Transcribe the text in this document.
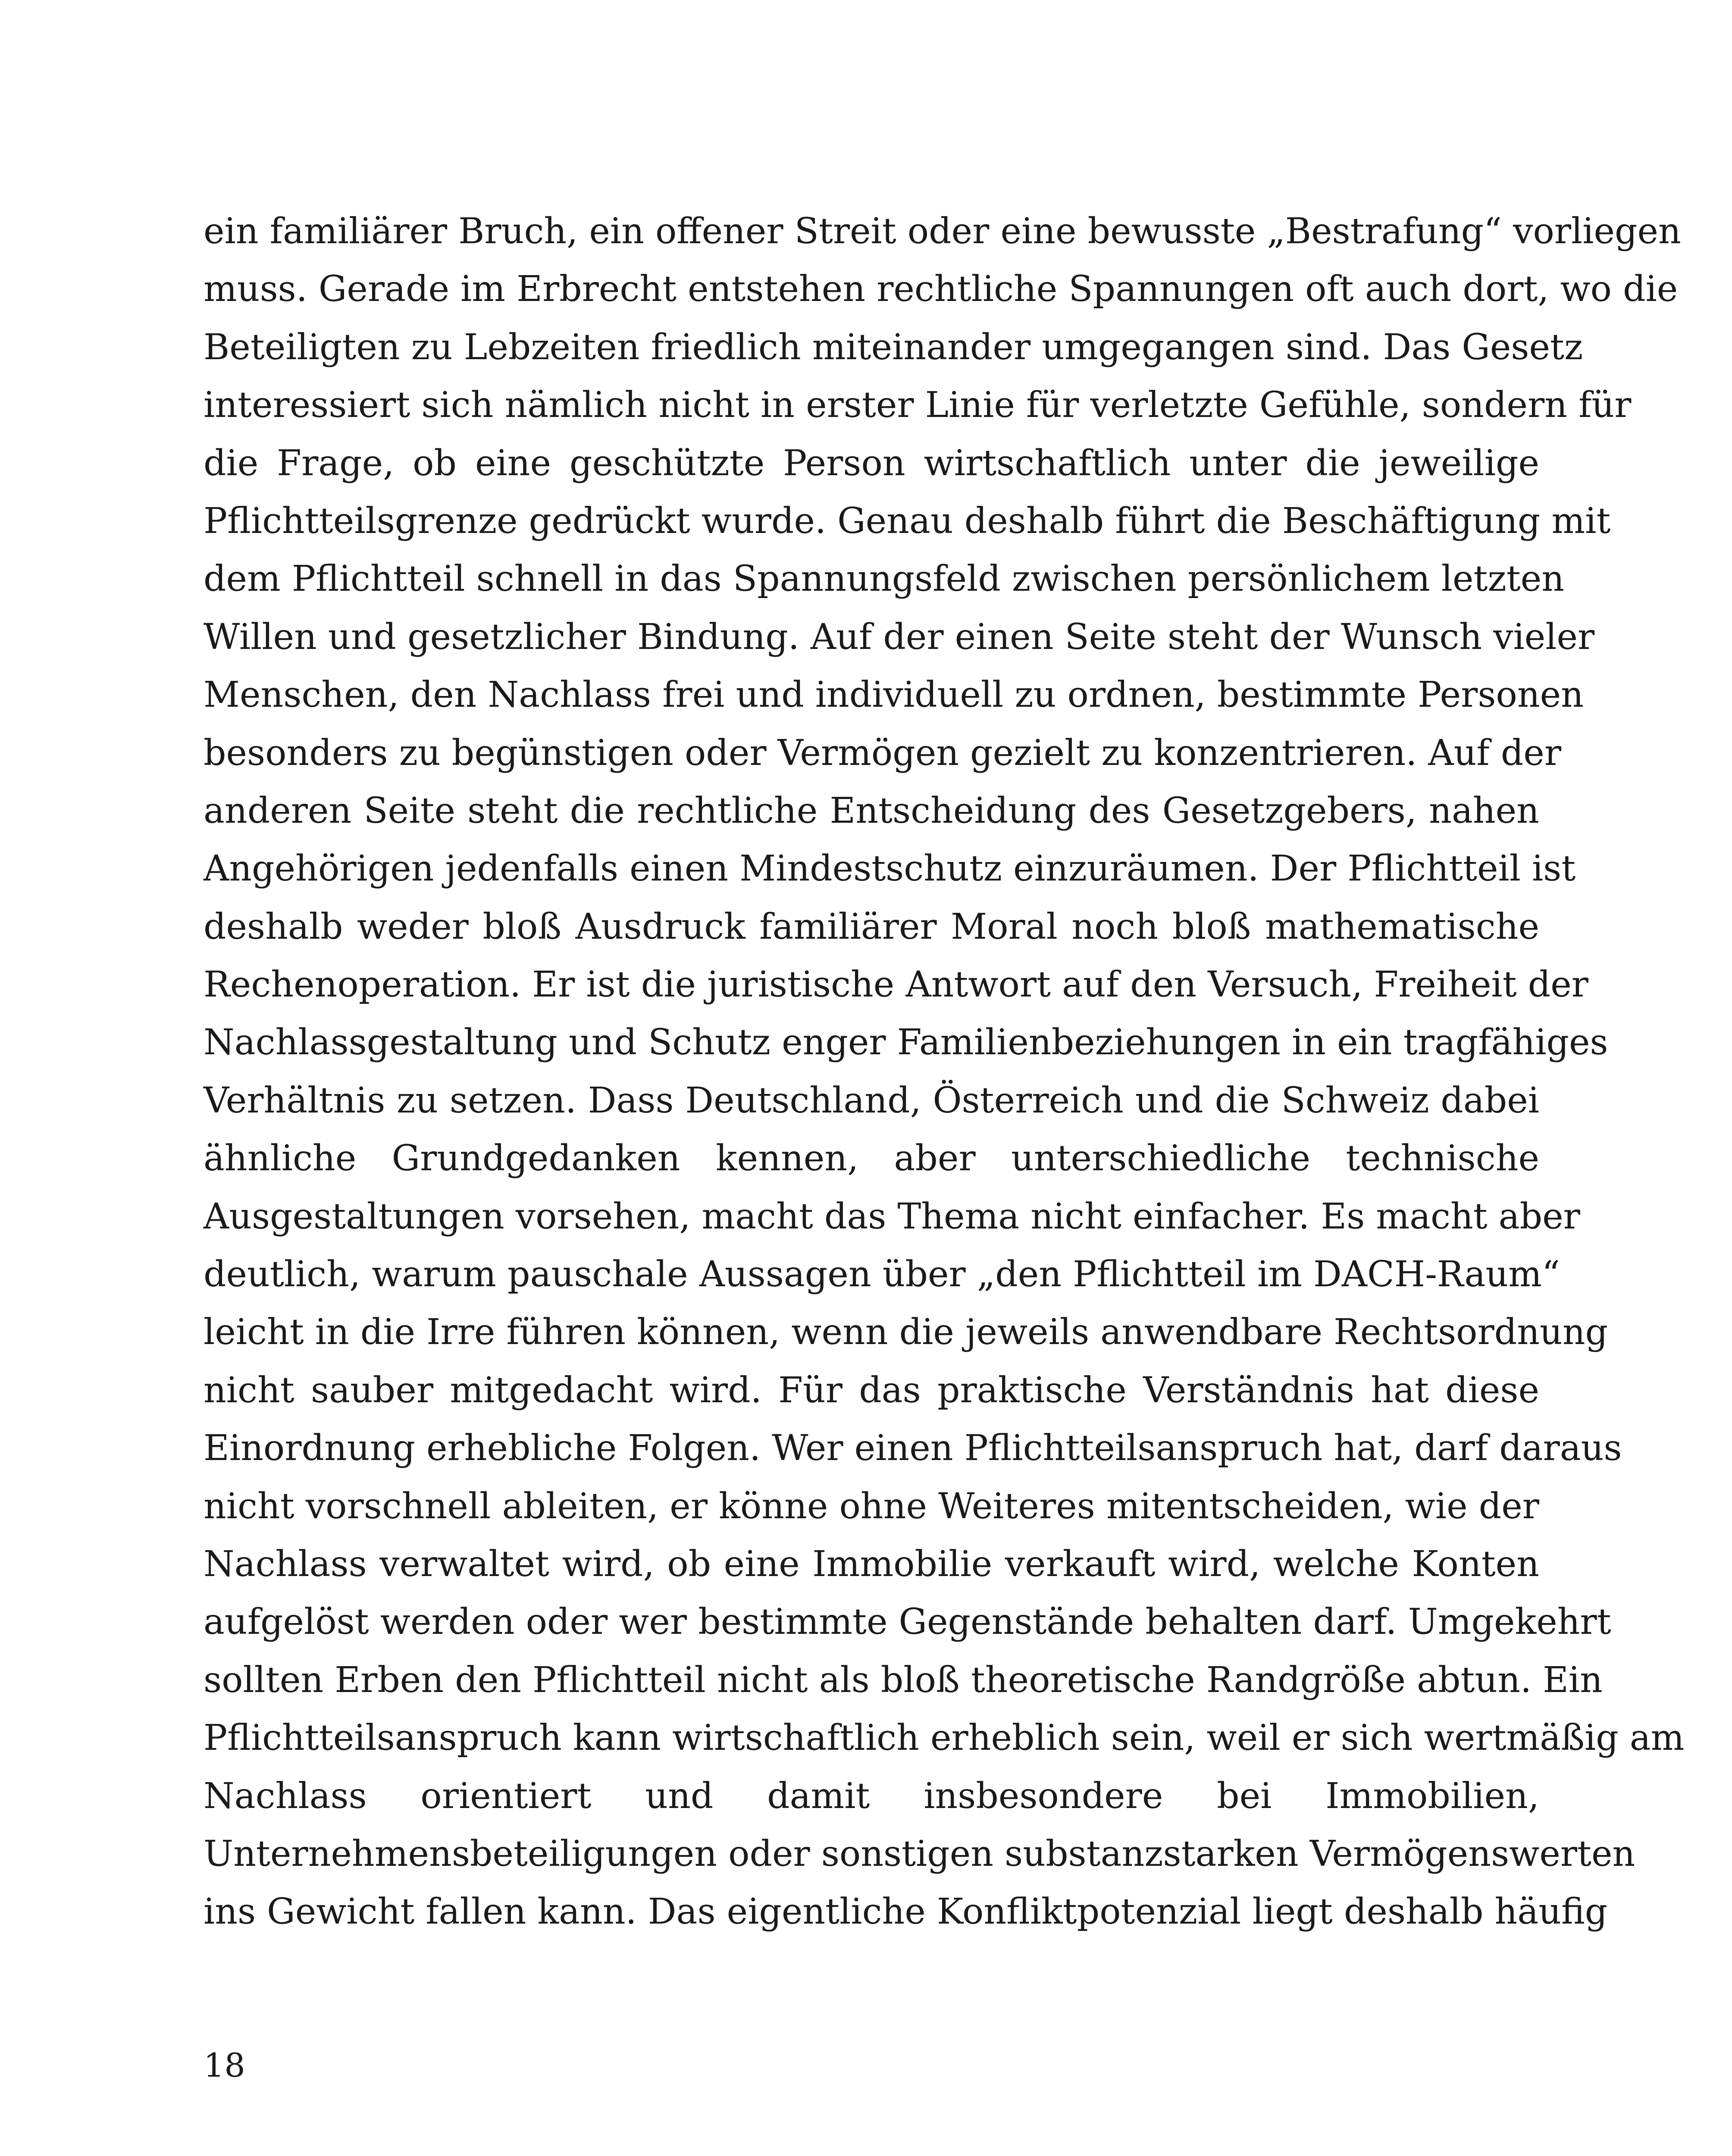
ein familiärer Bruch, ein offener Streit oder eine bewusste „Bestrafung“ vorliegen
muss. Gerade im Erbrecht entstehen rechtliche Spannungen oft auch dort, wo die
Beteiligten zu Lebzeiten friedlich miteinander umgegangen sind. Das Gesetz
interessiert sich nämlich nicht in erster Linie für verletzte Gefühle, sondern für
die Frage, ob eine geschützte Person wirtschaftlich unter die jeweilige
Pflichtteilsgrenze gedrückt wurde. Genau deshalb führt die Beschäftigung mit
dem Pflichtteil schnell in das Spannungsfeld zwischen persönlichem letzten
Willen und gesetzlicher Bindung. Auf der einen Seite steht der Wunsch vieler
Menschen, den Nachlass frei und individuell zu ordnen, bestimmte Personen
besonders zu begünstigen oder Vermögen gezielt zu konzentrieren. Auf der
anderen Seite steht die rechtliche Entscheidung des Gesetzgebers, nahen
Angehörigen jedenfalls einen Mindestschutz einzuräumen. Der Pflichtteil ist
deshalb weder bloß Ausdruck familiärer Moral noch bloß mathematische
Rechenoperation. Er ist die juristische Antwort auf den Versuch, Freiheit der
Nachlassgestaltung und Schutz enger Familienbeziehungen in ein tragfähiges
Verhältnis zu setzen. Dass Deutschland, Österreich und die Schweiz dabei
ähnliche Grundgedanken kennen, aber unterschiedliche technische
Ausgestaltungen vorsehen, macht das Thema nicht einfacher. Es macht aber
deutlich, warum pauschale Aussagen über „den Pflichtteil im DACH-Raum“
leicht in die Irre führen können, wenn die jeweils anwendbare Rechtsordnung
nicht sauber mitgedacht wird. Für das praktische Verständnis hat diese
Einordnung erhebliche Folgen. Wer einen Pflichtteilsanspruch hat, darf daraus
nicht vorschnell ableiten, er könne ohne Weiteres mitentscheiden, wie der
Nachlass verwaltet wird, ob eine Immobilie verkauft wird, welche Konten
aufgelöst werden oder wer bestimmte Gegenstände behalten darf. Umgekehrt
sollten Erben den Pflichtteil nicht als bloß theoretische Randgröße abtun. Ein
Pflichtteilsanspruch kann wirtschaftlich erheblich sein, weil er sich wertmäßig am
Nachlass orientiert und damit insbesondere bei Immobilien,
Unternehmensbeteiligungen oder sonstigen substanzstarken Vermögenswerten
ins Gewicht fallen kann. Das eigentliche Konfliktpotenzial liegt deshalb häufig
18
